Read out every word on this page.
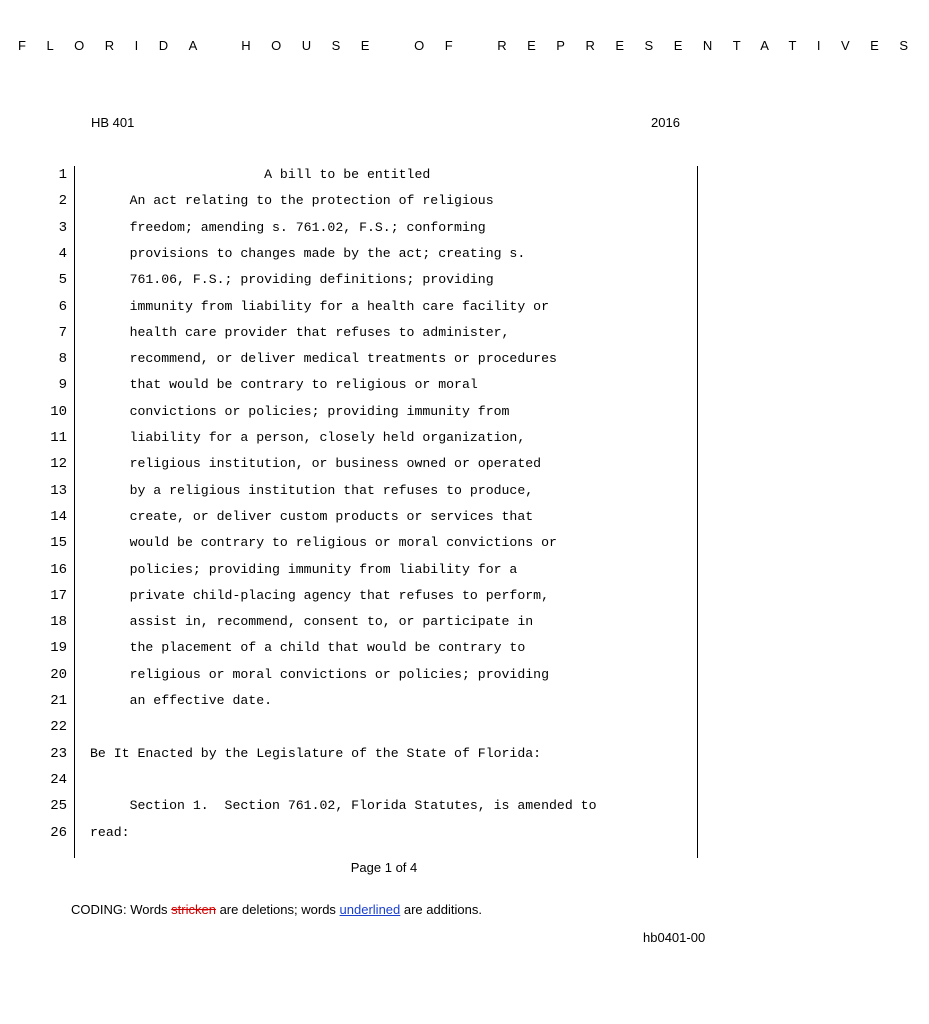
FLORIDA HOUSE OF REPRESENTATIVES
HB 401	2016
1 A bill to be entitled
2 An act relating to the protection of religious
3 freedom; amending s. 761.02, F.S.; conforming
4 provisions to changes made by the act; creating s.
5 761.06, F.S.; providing definitions; providing
6 immunity from liability for a health care facility or
7 health care provider that refuses to administer,
8 recommend, or deliver medical treatments or procedures
9 that would be contrary to religious or moral
10 convictions or policies; providing immunity from
11 liability for a person, closely held organization,
12 religious institution, or business owned or operated
13 by a religious institution that refuses to produce,
14 create, or deliver custom products or services that
15 would be contrary to religious or moral convictions or
16 policies; providing immunity from liability for a
17 private child-placing agency that refuses to perform,
18 assist in, recommend, consent to, or participate in
19 the placement of a child that would be contrary to
20 religious or moral convictions or policies; providing
21 an effective date.
22
23 Be It Enacted by the Legislature of the State of Florida:
24
25 Section 1.  Section 761.02, Florida Statutes, is amended to
26 read:
Page 1 of 4
CODING: Words stricken are deletions; words underlined are additions.
hb0401-00
